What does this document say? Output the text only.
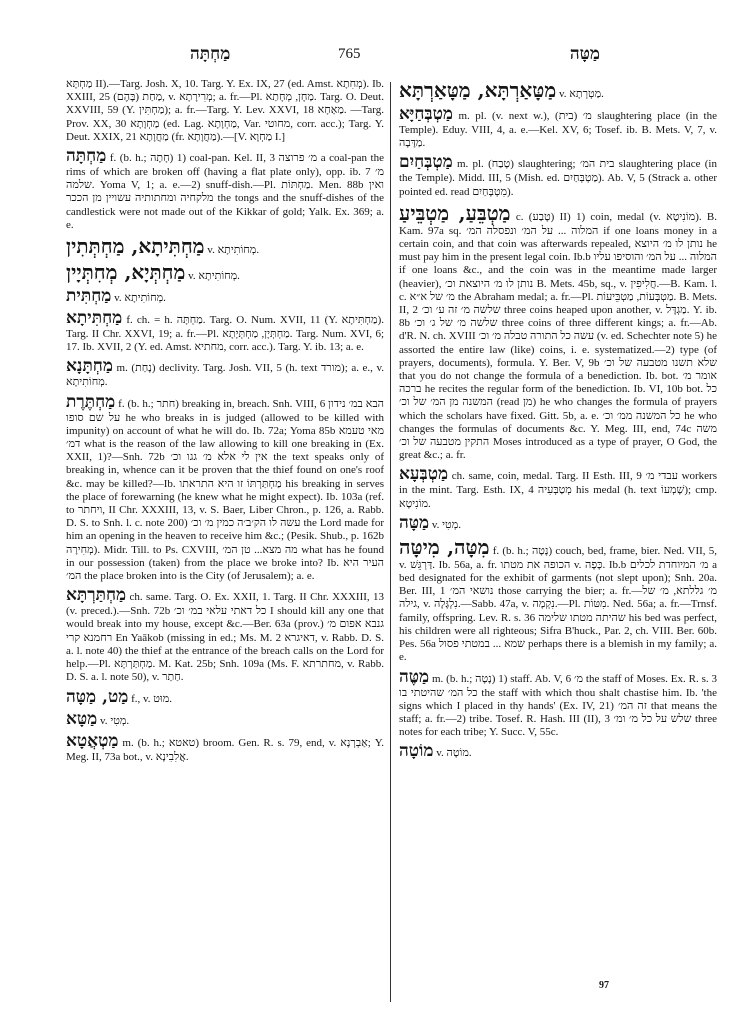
מַחְתָּה	765	מַטָּה
מַחְתָּא II).—Targ. Josh. X, 10. Targ. Y. Ex. IX, 27 (ed. Amst. מְחִתָא). Ib. XXIII, 25 מַחַת (בָּהֶם), v. מְרִירָתָא; a. fr.—Pl. מַחָן, מְחָתַא. Targ. O. Deut. XXVIII, 59 (Y. מַחְתִּין); a. fr.—Targ. Y. Lev. XXVI, 18 מַאַחָא. —Targ. Prov. XX, 30 מַחְוָתָא (ed. Lag. מַחְוָתָא, Var. מחוטי, corr. acc.); Targ. Y. Deut. XXIX, 21 מַחֲוָתָא (fr. מַחֲוָתָא).—[V. מַחְוָא I.]
מַחְתָּה f. (b. h.; חָתָה) 1) coal-pan. Kel. II, 3 מ׳ פרוצה a coal-pan the rims of which are broken off (having a flat plate only), opp. ib. 7 מ׳ שלמה. Yoma V, 1; a. e.—2) snuff-dish.—Pl. מַחְתּוֹת. Men. 88b ואין מלקחיה ומחתותיה עשויין מן הככר the tongs and the snuff-dishes of the candlestick were not made out of the Kikkar of gold; Yalk. Ex. 369; a. e.
מַחְתִּיתָא, מַחְתְּתִין v. מְחוֹתִיתָא.
מַחְתְּיָא, מְחִתְּיָין v. מְחוֹתִיתָא.
מַחְתִּית v. מְחוֹתִיתָא.
מַחְתִּיתָא f. ch. = h. מַחְתָּה. Targ. O. Num. XVII, 11 (Y. מַחְתִּיתָא). Targ. II Chr. XXVI, 19; a. fr.—Pl. מַחְתְּיָן, מַחְתְּיָתָא. Targ. Num. XVI, 6; 17. Ib. XVII, 2 (Y. ed. Amst. מחתיא, corr. acc.). Targ. Y. ib. 13; a. e.
מַחְתָּנָא m. (נָחַת) declivity. Targ. Josh. VII, 5 (h. text מורד); a. e., v. מְחוֹתִיתָא.
מַחְתֶּרֶת f. (b. h.; חתר) breaking in, breach. Snh. VIII, 6 הבא במ׳ נידון על שם סופו he who breaks in is judged (allowed to be killed with impunity) on account of what he will do. Ib. 72a; Yoma 85b מאי טעמא דמ׳ what is the reason of the law allowing to kill one breaking in (Ex. XXII, 1)?—Snh. 72b אין לי אלא מ׳ גגו וכ׳ the text speaks only of breaking in, whence can it be proven that the thief found on one's roof &c. may be killed?—Ib. מַחְתַּרְתּוֹ זו היא התראתו his breaking in serves the place of forewarning (he knew what he might expect). Ib. 103a (ref. to ויחתר, II Chr. XXXIII, 13, v. S. Baer, Liber Chron., p. 126, a. Rabb. D. S. to Snh. l. c. note 200) עשה לו הק׳ב׳ה כמין מ׳ וכ׳ the Lord made for him an opening in the heaven to receive him &c.; (Pesik. Shub., p. 162b מְחִירָה). Midr. Till. to Ps. CXVIII, מה מצא... טן המ׳ what has he found in our possession (taken) from the place we broke into? Ib. העיר היא המ׳ the place broken into is the City (of Jerusalem); a. e.
מַחְתַּרְתָּא ch. same. Targ. O. Ex. XXII, 1. Targ. II Chr. XXXIII, 13 (v. preced.).—Snh. 72b כל דאתי עלאי במ׳ וכ׳ I should kill any one that would break into my house, except &c.—Ber. 63a (prov.) גנבא אפום מ׳ רחמנא קרי En Yaākob (missing in ed.; Ms. M. 2 דאיגרא, v. Rabb. D. S. a. l. note 40) the thief at the entrance of the breach calls on the Lord for help.—Pl. מַחְתַּרְתָּא. M. Kat. 25b; Snh. 109a (Ms. F. מחתרתא, v. Rabb. D. S. a. l. note 50), v. חַתַר.
מַט, מַטָּה f., v. מוּט.
מַטָּא v. מְטִי.
מַטְאֲטָא m. (b. h.; טאטא) broom. Gen. R. s. 79, end, v. אַבְרְנָא; Y. Meg. II, 73a bot., v. אֲלִבִינָא.
מַטָּאַרְתָּא, מַטָּאַרְתָּא v. מַטְרְתָא.
מַטְבְּחַיָּא m. pl. (v. next w.), (בית) מ׳ slaughtering place (in the Temple). Eduy. VIII, 4, a. e.—Kel. XV, 6; Tosef. ib. B. Mets. V, 7, v. מַדָּבָה.
מַטְבְּחַיִם m. pl. (טָבַח) slaughtering; בית המ׳ slaughtering place (in the Temple). Midd. III, 5 (Mish. ed. מַטְבְּחַיִם). Ab. V, 5 (Strack a. other pointed ed. read מִטְבָּחַיִם).
מַטְבֵּעַ, מַטְבֵּיעַ c. (טָבַע) II) 1) coin, medal (v. מוֹנִיטָא). B. Kam. 97a sq. המלוה ... על המ׳ ונפסלה המ׳ if one loans money in a certain coin, and that coin was afterwards repealed, נותן לו מ׳ היוצא he must pay him in the present legal coin. Ib.b המלוה ... על המ׳ והוסיפו עליו if one loans &c., and the coin was in the meantime made larger (heavier), נותן לו מ׳ היוצאת וכ׳ B. Mets. 45b, sq., v. חֲלִיפִין.—B. Kam. l. c. מ׳ של א״א the Abraham medal; a. fr.—Pl. מַטְבְּעוֹת, מַטְבֵּיעוֹת. B. Mets. II, 2 שלשה מ׳ זה ע׳ וכ׳ three coins heaped upon another, v. מַגְדָּל. Y. ib. 8b שלשה מ׳ של ג׳ וכ׳ three coins of three different kings; a. fr.—Ab. d'R. N. ch. XVIII עשה כל התורה טבלה מ׳ וכ׳ (v. ed. Schechter note 5) he assorted the entire law (like) coins, i. e. systematized.—2) type (of prayers, documents), formula. Y. Ber. V, 9b שלא תשנו מטבעה של וכ׳ that you do not change the formula of a benediction. Ib. bot. אומר מ׳ ברכה he recites the regular form of the benediction. Ib. VI, 10b bot. כל המשנה מן המ׳ של וכ׳ (read מן) he who changes the formula of prayers which the scholars have fixed. Gitt. 5b, a. e. כל המשנה ממ׳ וכ׳ he who changes the formulas of documents &c. Y. Meg. III, end, 74c משה התקין מטבעה של וכ׳ Moses introduced as a type of prayer, O God, the great &c.; a. fr.
מַטְבְּעָא ch. same, coin, medal. Targ. II Esth. III, 9 עבדי מ׳ workers in the mint. Targ. Esth. IX, 4 מְטַבְּעִיה his medal (h. text שָׁמְעוֹ); cmp. מוֹנִיטָא.
מַטָּה v. מְטִי.
מִטָּה, מִיטָּה f. (b. h.; נָטָה) couch, bed, frame, bier. Ned. VII, 5, v. דַּרְגֵּשׁ. Ib. 56a, a. fr. הכופה את מטתו v. כָּפָה. Ib.b מ׳ המיוחדת לכלים a bed designated for the exhibit of garments (not slept upon); Snh. 20a. Ber. III, 1 נושאי המ׳ those carrying the bier; a. fr.—מ׳ גללתא, מ׳ של גילה, v. נִלְגָּלָה.—Sabb. 47a, v. נִקְמָה.—Pl. מִטּוֹת. Ned. 56a; a. fr.—Trnsf. family, offspring. Lev. R. s. 36 שהיתה מטתו שלימה his bed was perfect, his children were all righteous; Sifra B'huck., Par. 2, ch. VIII. Ber. 60b. Pes. 56a שמא ... במטתי פסול perhaps there is a blemish in my family; a. e.
מַטֶּה m. (b. h.; נָטָה) 1) staff. Ab. V, 6 מ׳ the staff of Moses. Ex. R. s. 3 כל המ׳ שהיטתי בו the staff with which thou shalt chastise him. Ib. 'the signs which I placed in thy hands' (Ex. IV, 21) זה המ׳ that means the staff; a. fr.—2) tribe. Tosef. R. Hash. III (II), 3 שלש על כל מ׳ ומ׳ three notes for each tribe; Y. Succ. V, 55c.
מוֹטָה v. מוֹטָה.
97
